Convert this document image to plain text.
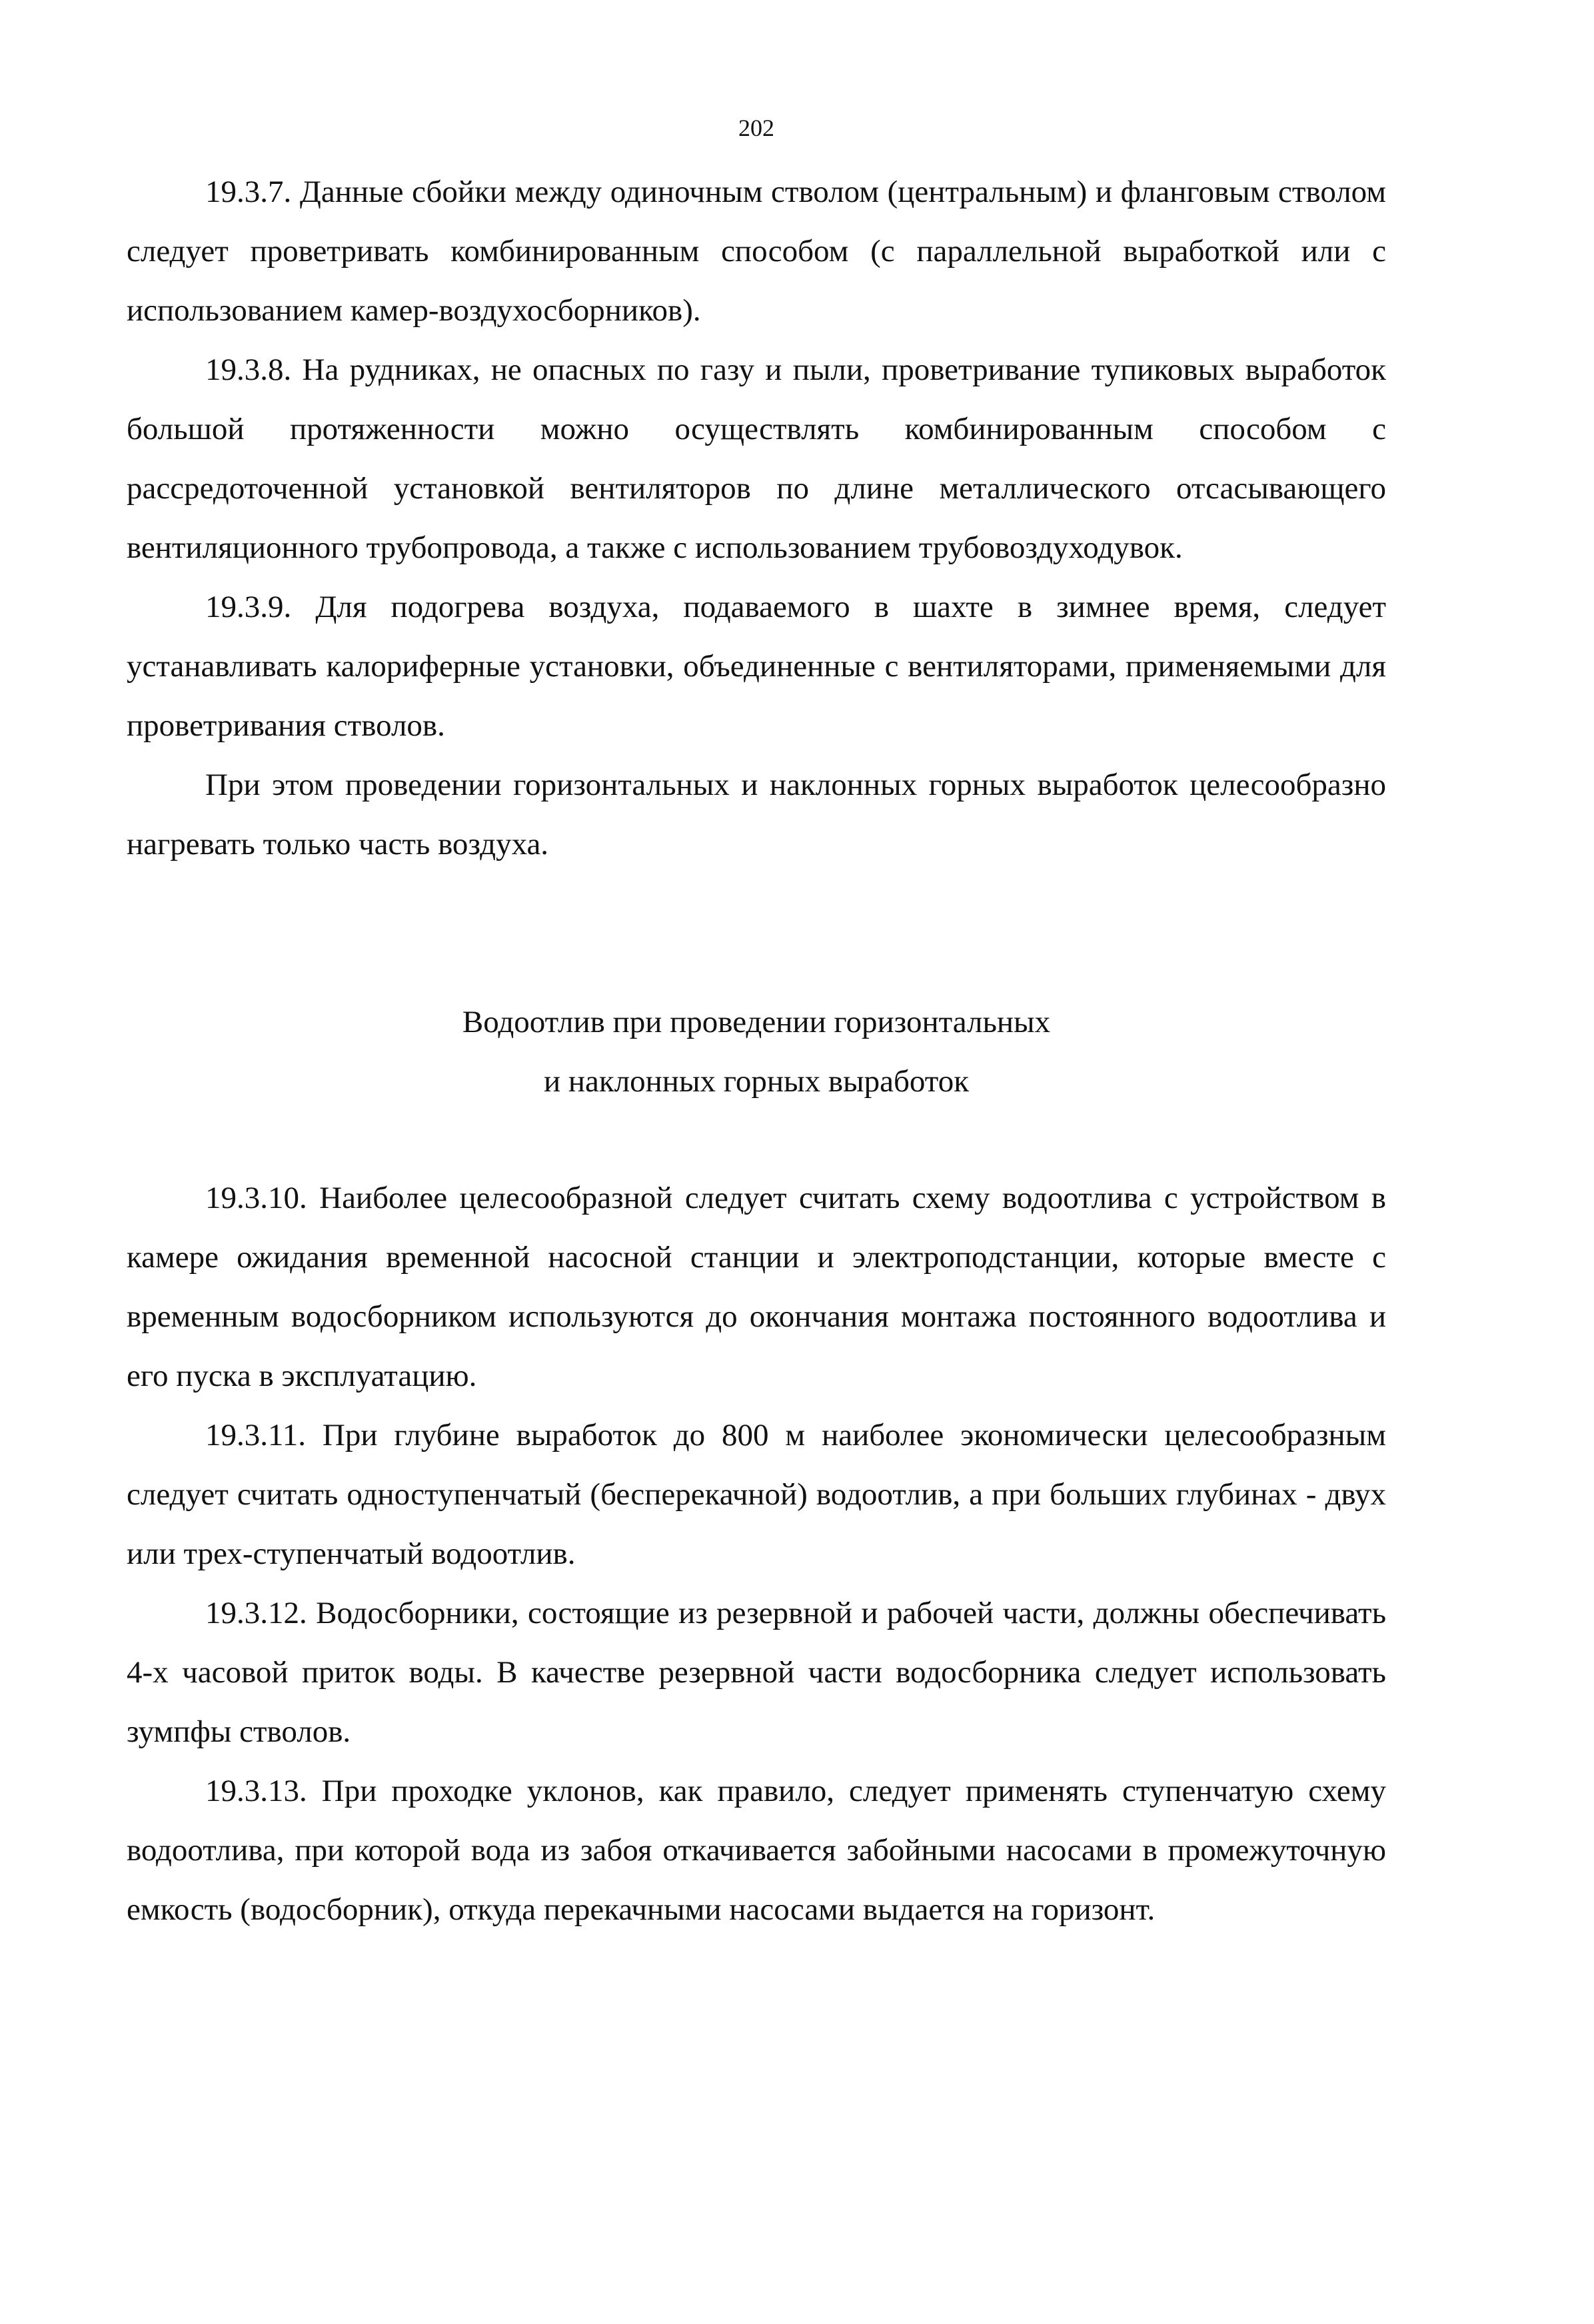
202

19.3.7. Данные сбойки между одиночным стволом (центральным) и фланговым стволом следует проветривать комбинированным способом (с параллельной выработкой или с использованием камер-воздухосборников).

19.3.8. На рудниках, не опасных по газу и пыли, проветривание тупиковых выработок большой протяженности можно осуществлять комбинированным способом с рассредоточенной установкой вентиляторов по длине металлического отсасывающего вентиляционного трубопровода, а также с использованием трубовоздуходувок.

19.3.9. Для подогрева воздуха, подаваемого в шахте в зимнее время, следует устанавливать калориферные установки, объединенные с вентиляторами, применяемыми для проветривания стволов.

При этом проведении горизонтальных и наклонных горных выработок целесообразно нагревать только часть воздуха.

Водоотлив при проведении горизонтальных
и наклонных горных выработок

19.3.10. Наиболее целесообразной следует считать схему водоотлива с устройством в камере ожидания временной насосной станции и электроподстанции, которые вместе с временным водосборником используются до окончания монтажа постоянного водоотлива и его пуска в эксплуатацию.

19.3.11. При глубине выработок до 800 м наиболее экономически целесообразным следует считать одноступенчатый (бесперекачной) водоотлив, а при больших глубинах - двух или трех-ступенчатый водоотлив.

19.3.12. Водосборники, состоящие из резервной и рабочей части, должны обеспечивать 4-х часовой приток воды. В качестве резервной части водосборника следует использовать зумпфы стволов.

19.3.13. При проходке уклонов, как правило, следует применять ступенчатую схему водоотлива, при которой вода из забоя откачивается забойными насосами в промежуточную емкость (водосборник), откуда перекачными насосами выдается на горизонт.
